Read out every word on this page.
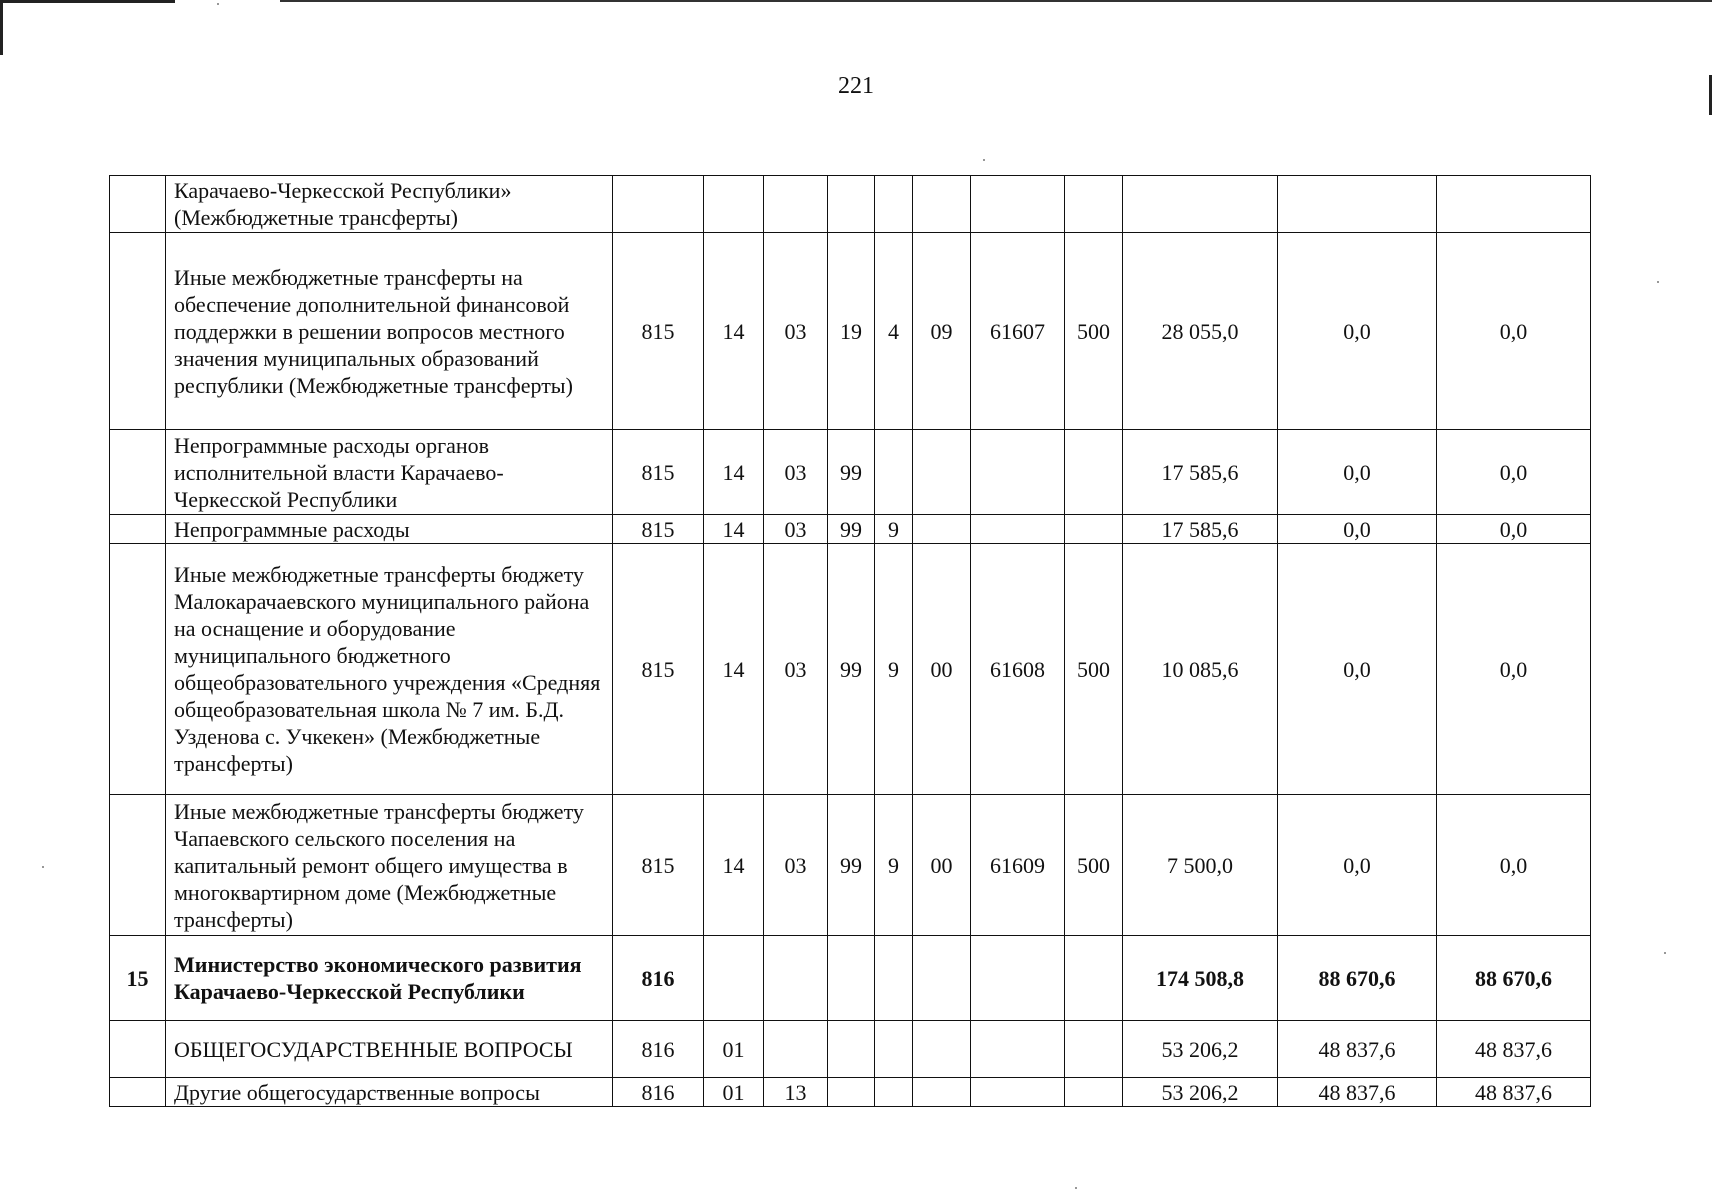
221
	Карачаево-Черкесской Республики» (Межбюджетные трансферты)											
	Иные межбюджетные трансферты на обеспечение дополнительной финансовой поддержки в решении вопросов местного значения муниципальных образований республики (Межбюджетные трансферты)	815	14	03	19	4	09	61607	500	28 055,0	0,0	0,0
	Непрограммные расходы органов исполнительной власти Карачаево-Черкесской Республики	815	14	03	99					17 585,6	0,0	0,0
	Непрограммные расходы	815	14	03	99	9				17 585,6	0,0	0,0
	Иные межбюджетные трансферты бюджету Малокарачаевского муниципального района на оснащение и оборудование муниципального бюджетного общеобразовательного учреждения «Средняя общеобразовательная школа № 7 им. Б.Д. Узденова с. Учкекен» (Межбюджетные трансферты)	815	14	03	99	9	00	61608	500	10 085,6	0,0	0,0
	Иные межбюджетные трансферты бюджету Чапаевского сельского поселения на капитальный ремонт общего имущества в многоквартирном доме (Межбюджетные трансферты)	815	14	03	99	9	00	61609	500	7 500,0	0,0	0,0
15	Министерство экономического развития Карачаево-Черкесской Республики	816								174 508,8	88 670,6	88 670,6
	ОБЩЕГОСУДАРСТВЕННЫЕ ВОПРОСЫ	816	01							53 206,2	48 837,6	48 837,6
	Другие общегосударственные вопросы	816	01	13						53 206,2	48 837,6	48 837,6
